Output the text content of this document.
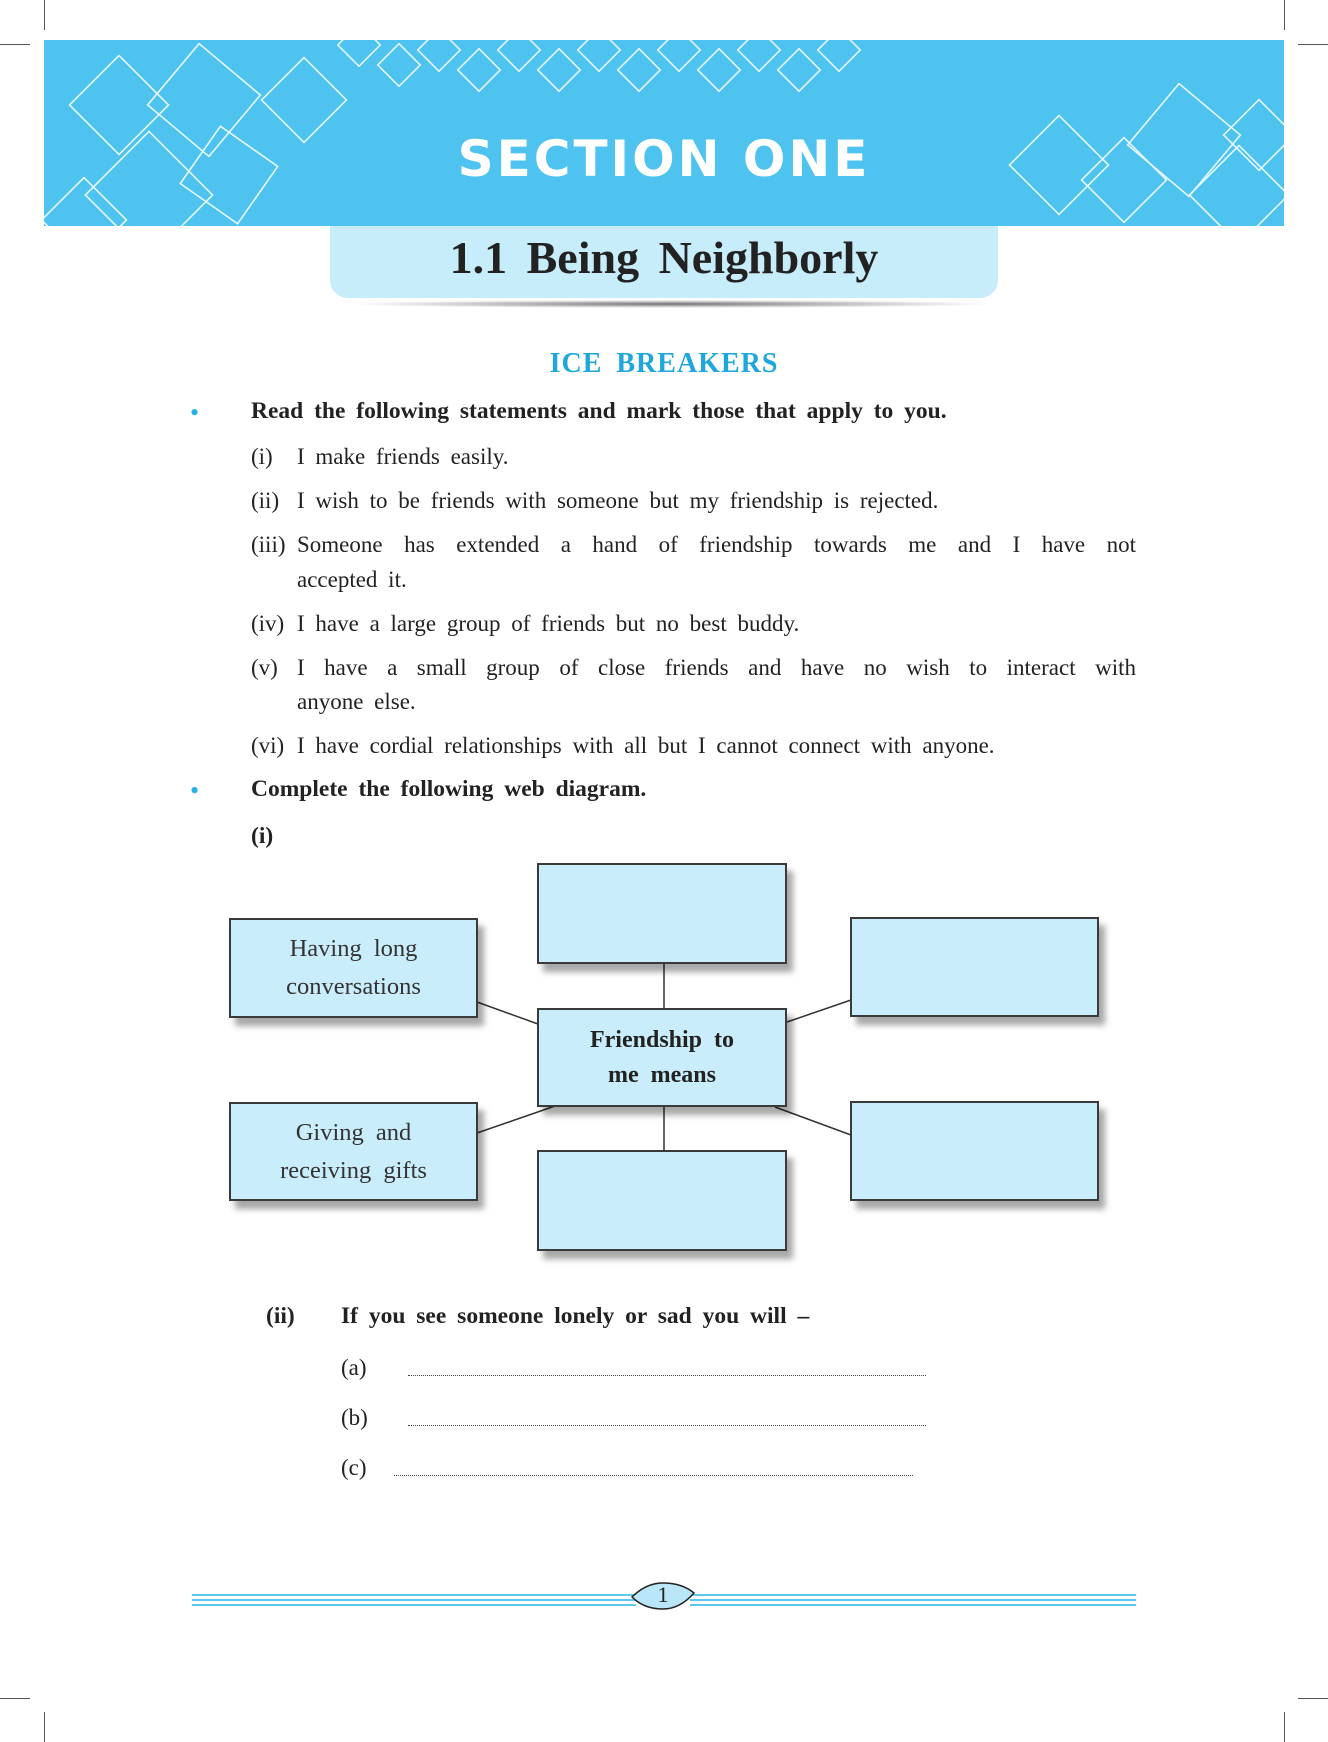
SECTION ONE
1.1 Being Neighborly
ICE BREAKERS
• Read the following statements and mark those that apply to you.
(i) I make friends easily.
(ii) I wish to be friends with someone but my friendship is rejected.
(iii) Someone has extended a hand of friendship towards me and I have not
accepted it.
(iv) I have a large group of friends but no best buddy.
(v) I have a small group of close friends and have no wish to interact with
anyone else.
(vi) I have cordial relationships with all but I cannot connect with anyone.
• Complete the following web diagram.
(i)
Having long
conversations
Friendship to
me means
Giving and
receiving gifts
(ii) If you see someone lonely or sad you will –
(a)
(b)
(c)
1
